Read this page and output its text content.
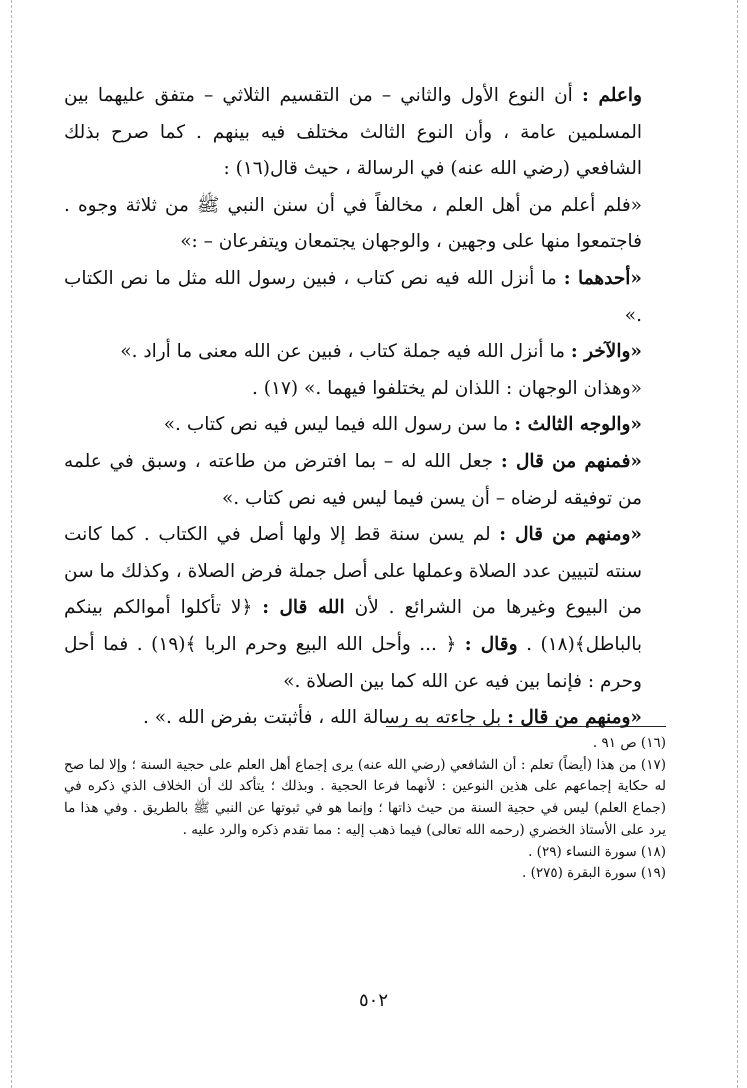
واعلم : أن النوع الأول والثاني – من التقسيم الثلاثي – متفق عليهما بين المسلمين عامة ، وأن النوع الثالث مختلف فيه بينهم . كما صرح بذلك الشافعي (رضي الله عنه) في الرسالة ، حيث قال(١٦) :

«فلم أعلم من أهل العلم ، مخالفاً في أن سنن النبي ﷺ من ثلاثة وجوه . فاجتمعوا منها على وجهين ، والوجهان يجتمعان ويتفرعان – :»

«أحدهما : ما أنزل الله فيه نص كتاب ، فبين رسول الله مثل ما نص الكتاب .»

«والآخر : ما أنزل الله فيه جملة كتاب ، فبين عن الله معنى ما أراد .»

«وهذان الوجهان : اللذان لم يختلفوا فيهما .» (١٧) .

«والوجه الثالث : ما سن رسول الله فيما ليس فيه نص كتاب .»

«فمنهم من قال : جعل الله له – بما افترض من طاعته ، وسبق في علمه من توفيقه لرضاه – أن يسن فيما ليس فيه نص كتاب .»

«ومنهم من قال : لم يسن سنة قط إلا ولها أصل في الكتاب . كما كانت سنته لتبيين عدد الصلاة وعملها على أصل جملة فرض الصلاة ، وكذلك ما سن من البيوع وغيرها من الشرائع . لأن الله قال : ﴿لا تأكلوا أموالكم بينكم بالباطل﴾(١٨) . وقال : ﴿ ... وأحل الله البيع وحرم الربا ﴾(١٩) . فما أحل وحرم : فإنما بين فيه عن الله كما بين الصلاة .»

«ومنهم من قال : بل جاءته به رسالة الله ، فأثبتت بفرض الله .» .

(١٦) ص ٩١ .

(١٧) من هذا (أيضاً) تعلم : أن الشافعي (رضي الله عنه) يرى إجماع أهل العلم على حجية السنة ؛ وإلا لما صح له حكاية إجماعهم على هذين النوعين : لأنهما فرعا الحجية . وبذلك ؛ يتأكد لك أن الخلاف الذي ذكره في (جماع العلم) ليس في حجية السنة من حيث ذاتها ؛ وإنما هو في ثبوتها عن النبي ﷺ بالطريق . وفي هذا ما يرد على الأستاذ الخضري (رحمه الله تعالى) فيما ذهب إليه : مما تقدم ذكره والرد عليه .

(١٨) سورة النساء (٢٩) .

(١٩) سورة البقرة (٢٧٥) .

٥٠٢
